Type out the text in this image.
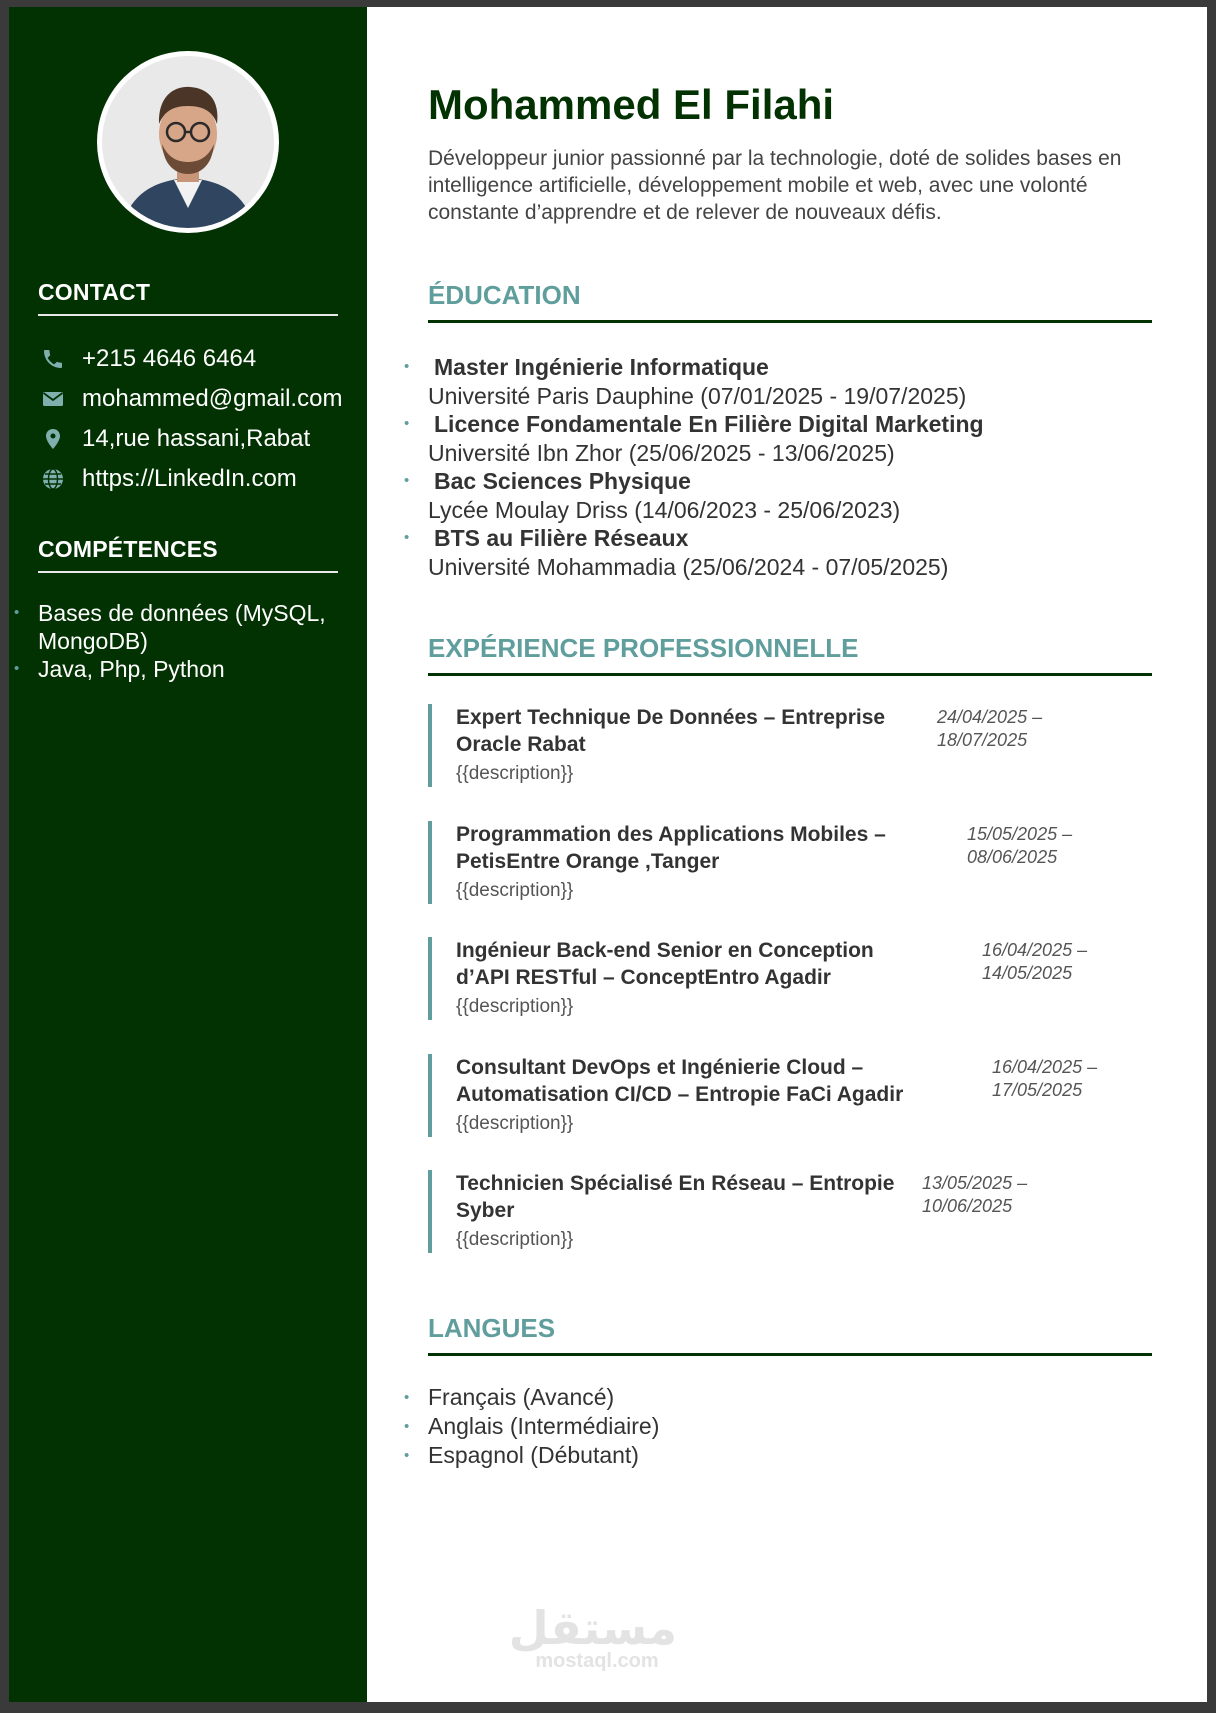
CONTACT
+215 4646 6464
mohammed@gmail.com
14,rue hassani,Rabat
https://LinkedIn.com
COMPÉTENCES
• Bases de données (MySQL, MongoDB)
• Java, Php, Python
Mohammed El Filahi

Développeur junior passionné par la technologie, doté de solides bases en intelligence artificielle, développement mobile et web, avec une volonté constante d’apprendre et de relever de nouveaux défis.

ÉDUCATION
• Master Ingénierie Informatique
Université Paris Dauphine (07/01/2025 - 19/07/2025)
• Licence Fondamentale En Filière Digital Marketing
Université Ibn Zhor (25/06/2025 - 13/06/2025)
• Bac Sciences Physique
Lycée Moulay Driss (14/06/2023 - 25/06/2023)
• BTS au Filière Réseaux
Université Mohammadia (25/06/2024 - 07/05/2025)
EXPÉRIENCE PROFESSIONNELLE
Expert Technique De Données – Entreprise Oracle Rabat
{{description}}
24/04/2025 –
18/07/2025
Programmation des Applications Mobiles – PetisEntre Orange ,Tanger
{{description}}
15/05/2025 –
08/06/2025
Ingénieur Back-end Senior en Conception d’API RESTful – ConceptEntro Agadir
{{description}}
16/04/2025 –
14/05/2025
Consultant DevOps et Ingénierie Cloud – Automatisation CI/CD – Entropie FaCi Agadir
{{description}}
16/04/2025 –
17/05/2025
Technicien Spécialisé En Réseau – Entropie Syber
{{description}}
13/05/2025 –
10/06/2025
LANGUES
• Français (Avancé)
• Anglais (Intermédiaire)
• Espagnol (Débutant)
مستقل
mostaql.com
